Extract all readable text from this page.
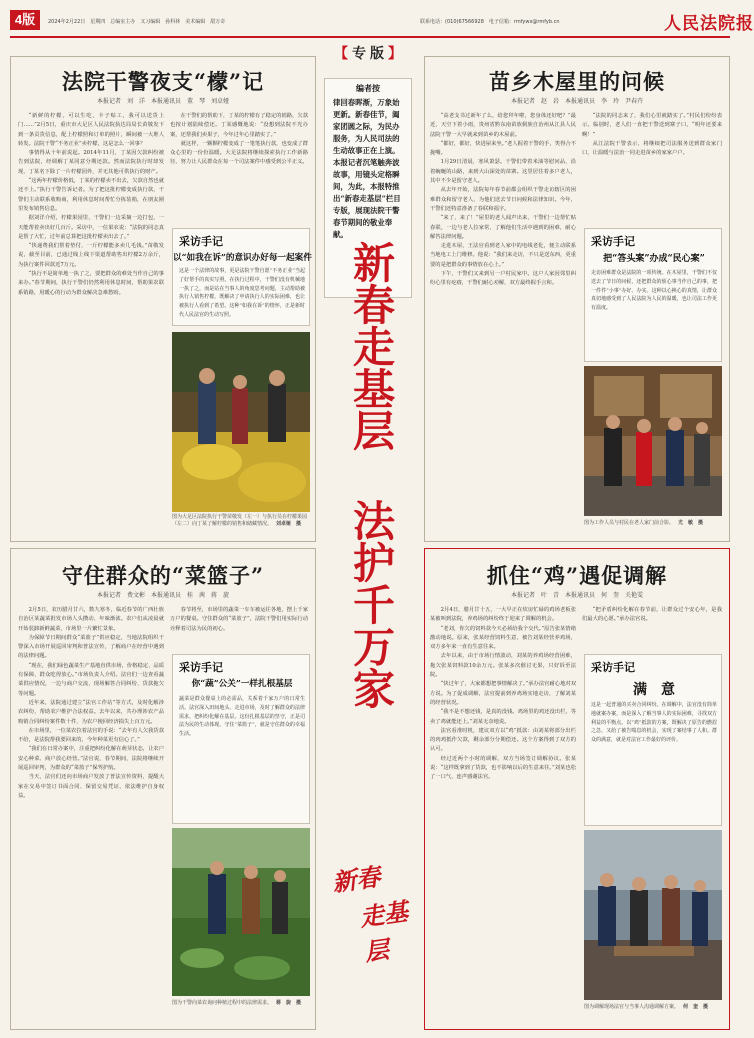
4版	2024年2月22日　星期四　总编室主办　又习编辑　孙科林　美术编辑　甜万奇	联系电话：(010)67566928　电子信箱：rmfywx@rmfyb.cn	人民法院报
【专版】
编者按
律回春晖渐，万象始更新。新春佳节，阖家团圆之际，为民办服务，为人民司法的生动故事正在上演。本报记者沉笔触奔波故事，用镜头定格瞬间，为此，本报特推出“新春走基层”栏目专版，展现法院干警春节期间的敬业奉献。
新春走基层
法护千万家
新春
走基层
法院干警夜支“檬”记
本报记者　刘　洋　本报通讯员　董　琴　刘卓娅

“新鲜的柠檬，可以生吃，卡子贴工，我可以送货上门……”2月5日，重庆市大足区人民法院执达局局长苗敬发下到一条贡货信息，配上柠檬照和订单的照片，瞬间被一大堆人转发。法院干警“不务正业”卖柠檬，这是怎么一回事？

事情得从十年前说起。2014年11月，丁某因欠款纠纷被告到法院，经调解丁某同意分期还款。然而法院执行时却发现，丁某名下除了一片柠檬园外，并无其他可供执行的财产。

“这两年柠檬价格低，丁某的柠檬卖不出去，欠款自然也就还不上。”执行干警告诉记者。为了把这批柠檬变成执行款，干警们主动联系收购商，利用休息时间帮忙分拣装箱，在朋友圈里发布销售信息。

据刘洋介绍，柠檬果园里，干警们一边采摘一边打包，一天能帮着卖出好几百斤。采访中，一位果农说：“法院的同志真是帮了大忙，过年前总算把这批柠檬卖出去了。”

“快递费我们帮着垫付，一斤柠檬能多卖几毛钱。”苗敬发说，截至目前，已通过线上线下渠道帮助售出柠檬2万余斤，为执行案件回款近7万元。

“执行不是简单地一执了之，要把群众的难处当作自己的事来办。”春节期间，执行干警们仍然利用休息时间，帮助果农联系销路，用暖心的行动为群众解决急难愁盼。

在干警们的帮助下，丁某的柠檬有了稳定的销路，欠款也按计划陆续偿还。丁某感慨地说：“没想到法院不光办案，还帮我们卖果子，今年过年心里踏实了。”

就这样，一颗颗柠檬变成了一笔笔执行款，也变成了群众心里的一份份温暖。大足法院将继续探索执行工作新路径，努力让人民群众在每一个司法案件中感受到公平正义。

采访手记
以“如我在诉”的意识办好每一起案件
这是一个法律的故事，更是法院干警自愿“不务正业”当起了好帮手的真实写照。在执行过程中，干警们没有机械地一执了之，而是站在当事人的角度思考问题，主动帮助被执行人销售柠檬，既解决了申请执行人的实际困难，也让被执行人看到了希望。这种“如我在诉”的情怀，正是新时代人民法官的生动写照。
图为大足区法院执行干警苗敬发（左一）与执行员在柠檬果园（左二）向丁某了解柠檬的销售和储藏情况。 刘卓娅　摄
苗乡木屋里的问候
本报记者　赵　岩　本报通讯员　李　玲　尹春卉

“高老支书过新年了么，给您拜年啦，您身体还好吧？”最近，天空下着小雨，贵州省黔东南苗族侗族自治州从江县人民法院干警一大早就来到苗乡的木屋前。

“都好，都好，快进屋来坐。”老人握着干警的手，笑得合不拢嘴。

1月29日清晨，寒风萧瑟。干警们带着米油等慰问品，沿着蜿蜒的山路，来到大山深处的苗寨。这里居住着多户老人，其中不少是留守老人。

从去年开始，法院每年春节前都会组织干警走访辖区的困难群众和留守老人，为他们送去节日问候和法律知识。今年，干警们还特意准备了春联和福字。

“来了，来了！”屋里的老人闻声出来，干警们一边帮忙贴春联，一边与老人拉家常，了解他们生活中遇到的困难，耐心解答法律问题。

走进木屋，王法官看到老人家中的电线老化，便主动联系当地电工上门维修。他说：“我们来走访，不只是送东西，更重要的是把群众的事情放在心上。”

下午，干警们又来到另一户村民家中。这户人家因邻里纠纷心里有疙瘩，干警们耐心劝解，双方最终握手言和。

“法院的同志来了，我们心里就踏实了。”村民们纷纷表示。临别时，老人们一直把干警送到寨子口，“明年还要来啊！”

从江法院干警表示，将继续把司法服务送到群众家门口，让温暖与法治一同走进苗乡的家家户户。

采访手记
把“答头案”办成“民心案”
走访困难群众是法院的一项传统。在木屋里，干警们不仅送去了节日的问候，还把群众的烦心事当作自己的事，把一件件“小事”办好、办实。这种以心换心的真情，让群众真切地感受到了人民法院为人民的温暖，也让司法工作更有温度。
图为工作人员与村民在老人家门前合影。 尤　敏　摄
守住群众的“菜篮子”
本报记者　费文彬　本报通讯员　桂　茜　蒋　旋

2月5日，农历腊月廿六，数九寒冬，临近春节的广西壮族自治区某蔬菜批发市场人头攒动、年味渐浓。农户们从凌晨就开始装卸新鲜蔬菜，市场里一片繁忙景象。

为保障节日期间群众“菜篮子”供应稳定，当地法院组织干警深入市场开展巡回审判和普法宣传，了解商户在经营中遇到的法律问题。

“现在，我们绿色蔬菜生产基地直供市场，价格稳定、品质有保障，群众吃得放心。”市场负责人介绍。法官们一边查看蔬菜供应情况，一边与商户交流，现场解答合同纠纷、货款拖欠等问题。

近年来，法院通过建立“法官工作站”等方式，及时化解涉农纠纷，帮助农户维护合法权益。去年以来，共办理涉农产品购销合同纠纷案件数十件，为农户挽回经济损失上百万元。

在市场里，一位菜农拉着法官的手说：“去年有人欠我货款不给，是法院帮我要回来的，今年种菜更有信心了。”

“我们在日常办案中，注重把纠纷化解在萌芽状态，让农户安心种菜、商户放心经营。”法官说，春节期间，法院将继续开展巡回审判，为群众的“菜篮子”保驾护航。

当天，法官们还向市场商户发放了普法宣传资料，提醒大家在交易中签订书面合同、保留交易凭证，依法维护自身权益。

春节将至，市场里的蔬菜一车车被运往各地，摆上千家万户的餐桌。守住群众的“菜篮子”，法院干警们用实际行动诠释着司法为民的初心。

采访手记
你“蔬”公关”一样扎根基层
蔬菜是群众餐桌上的必需品，关系着千家万户的日常生活。法官深入田间地头、走进市场，及时了解群众的法律需求，把纠纷化解在基层。这份扎根基层的坚守，正是司法为民的生动体现。守住“菜篮子”，就是守住群众的幸福生活。
图为干警向菜农询问种植过程中的法律需求。 蒋　旋　摄
抓住“鸡”遇促调解
本报记者　叶　青　本报通讯员　何　奎　关艳雯

2月4日，腊月廿十五，一大早正在炊房忙碌的鸡场老板张某被叫到法院，养鸡场的纠纷终于迎来了调解的机会。

“老刘，你欠的饲料款今天必须给我个交代。”原告张某情绪激动地说。原来，张某经营饲料生意，被告刘某经营养鸡场，双方多年来一直有生意往来。

去年以来，由于市场行情波动，刘某的养鸡场经营困难，拖欠张某饲料款10余万元。张某多次催讨无果，只好诉至法院。

“快过年了，大家都想把事情解决了。”承办法官耐心地对双方说。为了促成调解，法官提前到养鸡场实地走访，了解刘某的经营状况。

“我不是不想还钱，是真的没钱。鸡场里的鸡还没出栏，等卖了鸡就能还上。”刘某无奈地说。

法官看准时机，建议双方以“鸡”抵款：由刘某将部分出栏的肉鸡抵作欠款，剩余部分分期偿还。这个方案得到了双方的认可。

经过近两个小时的调解，双方当场签订调解协议。张某说：“这样既拿到了货款，也不影响以后的生意来往。”刘某也松了一口气，连声感谢法官。

“把矛盾纠纷化解在春节前，让群众过个安心年，是我们最大的心愿。”承办法官说。

采访手记
满　意
这是一起普通的买卖合同纠纷。在调解中，法官没有简单地就案办案，而是深入了解当事人的实际困难，寻找双方利益的平衡点。以“鸡”抵款的方案，既解决了原告的燃眉之急，又给了被告喘息的机会，实现了案结事了人和。群众的满意，就是对法官工作最好的评价。
图为调解现场法官与当事人沟通调解方案。 何　奎　摄
